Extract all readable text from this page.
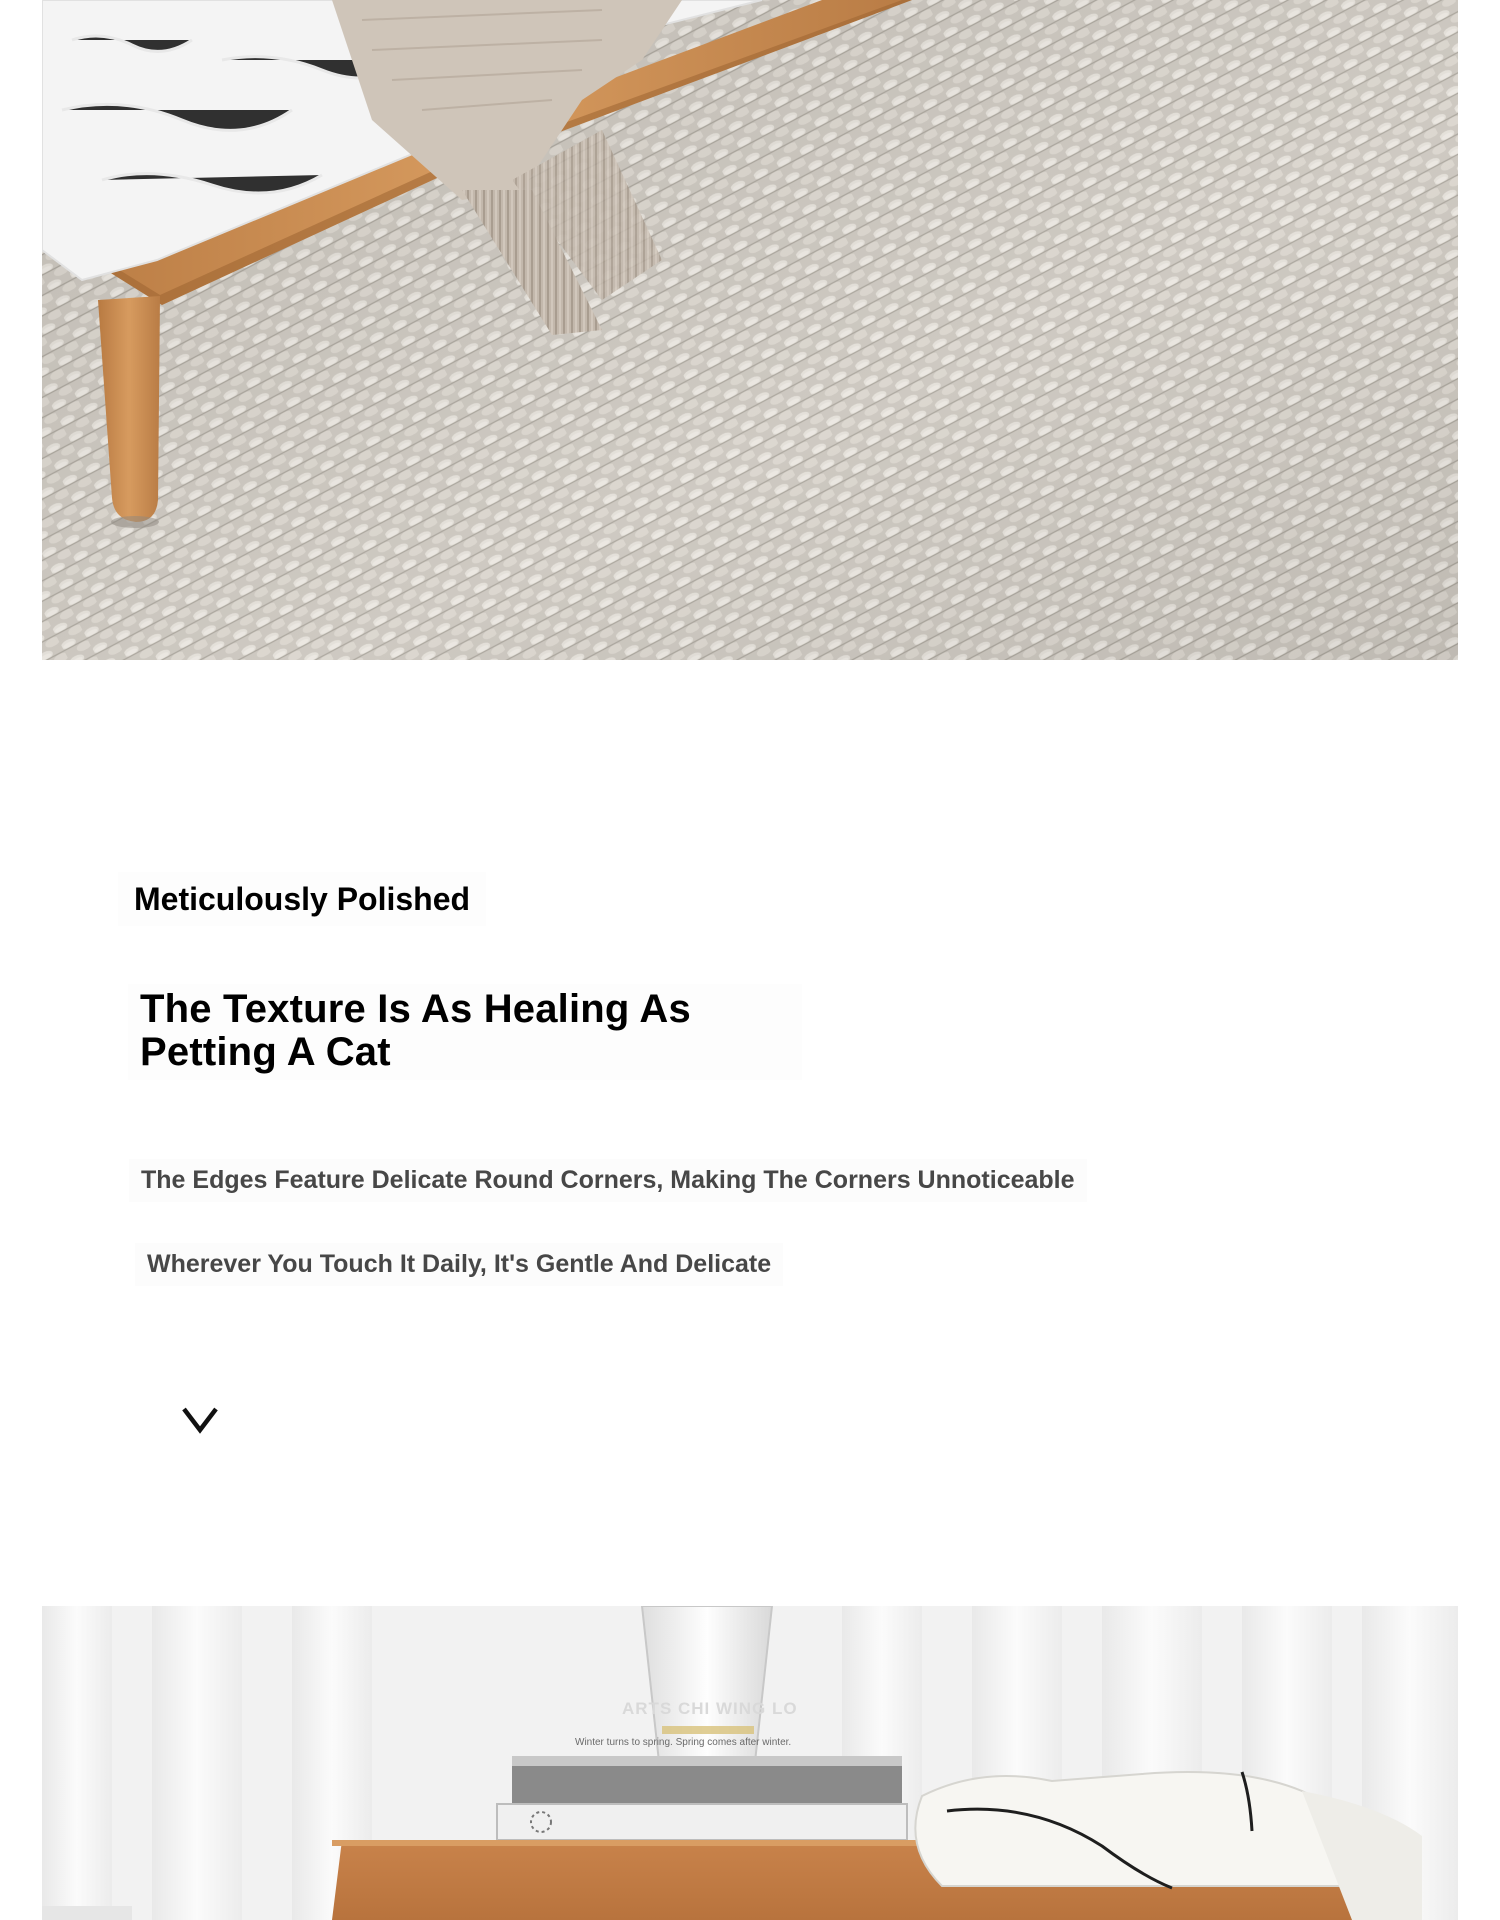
Meticulously Polished
The Texture Is As Healing As Petting A Cat
The Edges Feature Delicate Round Corners, Making The Corners Unnoticeable
Wherever You Touch It Daily, It's Gentle And Delicate
ARTS CHI WING LO
Winter turns to spring. Spring comes after winter.
